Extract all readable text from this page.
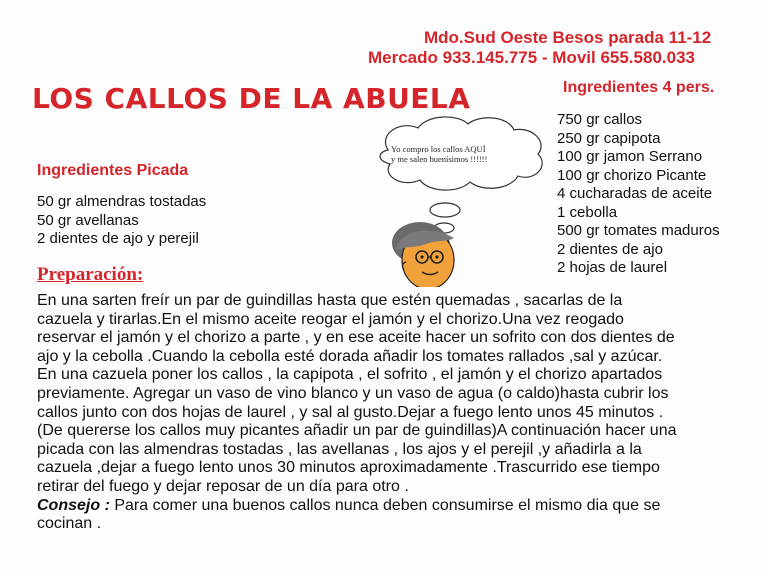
Mdo.Sud Oeste Besos parada 11-12
Mercado 933.145.775 - Movil 655.580.033
LOS CALLOS DE LA ABUELA	Ingredientes 4 pers.
Yo compro los callos AQUÍ
y me salen buenísimos !!!!!!
Ingredientes Picada
50 gr almendras tostadas
50 gr avellanas
2 dientes de ajo y perejil
750 gr callos
250 gr capipota
100 gr jamon Serrano
100 gr chorizo Picante
4 cucharadas de aceite
1 cebolla
500 gr tomates maduros
2 dientes de ajo
2 hojas de laurel
Preparación:
En una sarten freír un par de guindillas hasta que estén quemadas , sacarlas de la
cazuela y tirarlas.En el mismo aceite reogar el jamón y el chorizo.Una vez reogado
reservar el jamón y el chorizo a parte , y en ese aceite hacer un sofrito con dos dientes de
ajo y la cebolla .Cuando la cebolla esté dorada añadir los tomates rallados ,sal y azúcar.
En una cazuela poner los callos , la capipota , el sofrito , el jamón y el chorizo apartados
previamente. Agregar un vaso de vino blanco y un vaso de agua (o caldo)hasta cubrir los
callos junto con dos hojas de laurel , y sal al gusto.Dejar a fuego lento unos 45 minutos .
(De quererse los callos muy picantes añadir un par de guindillas)A continuación hacer una
picada con las almendras tostadas , las avellanas , los ajos y el perejil ,y añadirla a la
cazuela ,dejar a fuego lento unos 30 minutos aproximadamente .Trascurrido ese tiempo
retirar del fuego y dejar reposar de un día para otro .
Consejo : Para comer una buenos callos nunca deben consumirse el mismo dia que se
cocinan .
